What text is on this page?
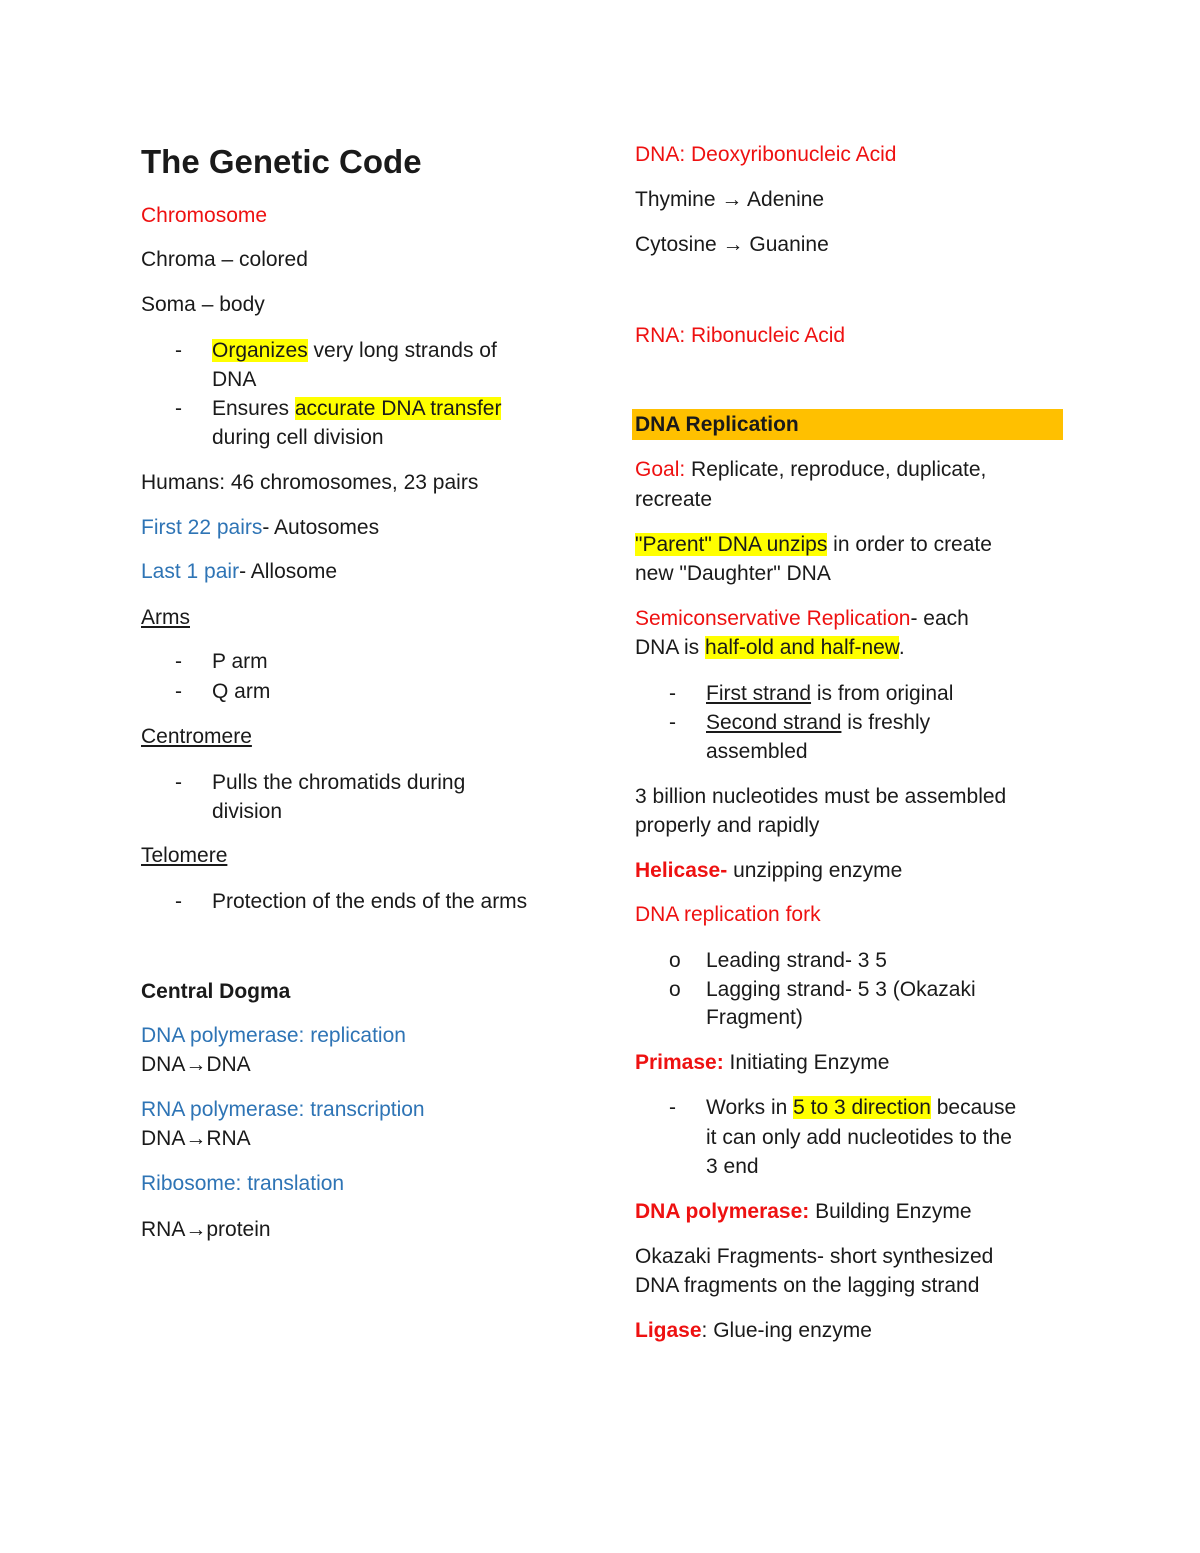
The Genetic Code
Chromosome
Chroma – colored
Soma – body
- Organizes very long strands of
DNA
- Ensures accurate DNA transfer
during cell division
Humans: 46 chromosomes, 23 pairs
First 22 pairs- Autosomes
Last 1 pair- Allosome
Arms
- P arm
- Q arm
Centromere
- Pulls the chromatids during
division
Telomere
- Protection of the ends of the arms
Central Dogma
DNA polymerase: replication
DNA→DNA
RNA polymerase: transcription
DNA→RNA
Ribosome: translation
RNA→protein
DNA: Deoxyribonucleic Acid
Thymine → Adenine
Cytosine → Guanine
RNA: Ribonucleic Acid
DNA Replication
Goal: Replicate, reproduce, duplicate,
recreate
"Parent" DNA unzips in order to create
new "Daughter" DNA
Semiconservative Replication- each
DNA is half-old and half-new.
- First strand is from original
- Second strand is freshly
assembled
3 billion nucleotides must be assembled
properly and rapidly
Helicase- unzipping enzyme
DNA replication fork
o Leading strand- 3 5
o Lagging strand- 5 3 (Okazaki
Fragment)
Primase: Initiating Enzyme
- Works in 5 to 3 direction because
it can only add nucleotides to the
3 end
DNA polymerase: Building Enzyme
Okazaki Fragments- short synthesized
DNA fragments on the lagging strand
Ligase: Glue-ing enzyme
